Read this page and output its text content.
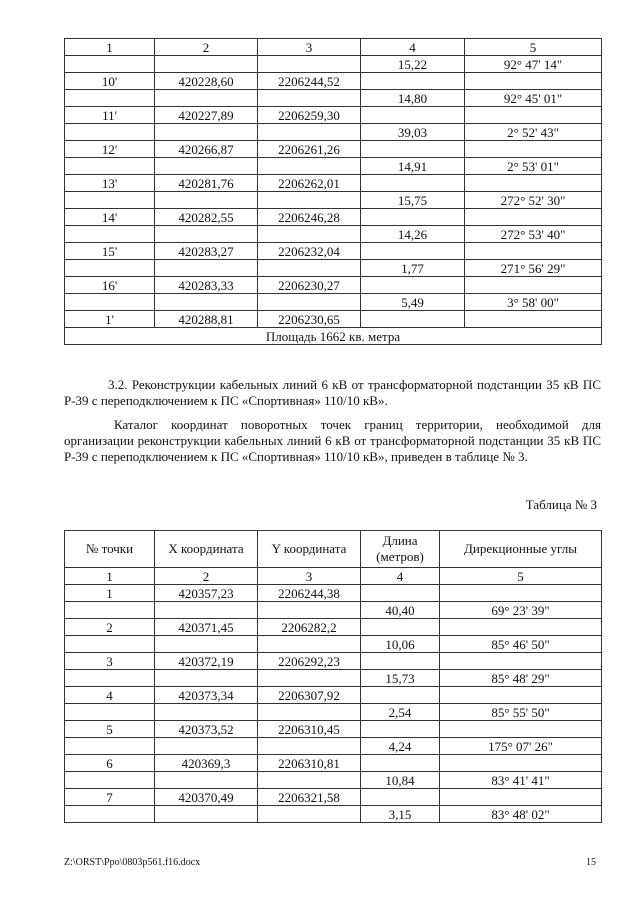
1	2	3	4	5
			15,22	92° 47' 14"
10'	420228,60	2206244,52		
			14,80	92° 45' 01"
11'	420227,89	2206259,30		
			39,03	2° 52' 43"
12'	420266,87	2206261,26		
			14,91	2° 53' 01"
13'	420281,76	2206262,01		
			15,75	272° 52' 30"
14'	420282,55	2206246,28		
			14,26	272° 53' 40"
15'	420283,27	2206232,04		
			1,77	271° 56' 29"
16'	420283,33	2206230,27		
			5,49	3° 58' 00"
1'	420288,81	2206230,65		
Площадь 1662 кв. метра				
3.2. Реконструкции кабельных линий 6 кВ от трансформаторной подстанции 35 кВ ПС Р-39 с переподключением к ПС «Спортивная» 110/10 кВ».
Каталог координат поворотных точек границ территории, необходимой для организации реконструкции кабельных линий 6 кВ от трансформаторной подстанции 35 кВ ПС Р-39 с переподключением к ПС «Спортивная» 110/10 кВ», приведен в таблице № 3.
Таблица № 3
№ точки	X координата	Y координата	Длина (метров)	Дирекционные углы
1	2	3	4	5
1	420357,23	2206244,38		
			40,40	69° 23' 39"
2	420371,45	2206282,2		
			10,06	85° 46' 50"
3	420372,19	2206292,23		
			15,73	85° 48' 29"
4	420373,34	2206307,92		
			2,54	85° 55' 50"
5	420373,52	2206310,45		
			4,24	175° 07' 26"
6	420369,3	2206310,81		
			10,84	83° 41' 41"
7	420370,49	2206321,58		
			3,15	83° 48' 02"
Z:\ORST\Ppo\0803p561.f16.docx	15
